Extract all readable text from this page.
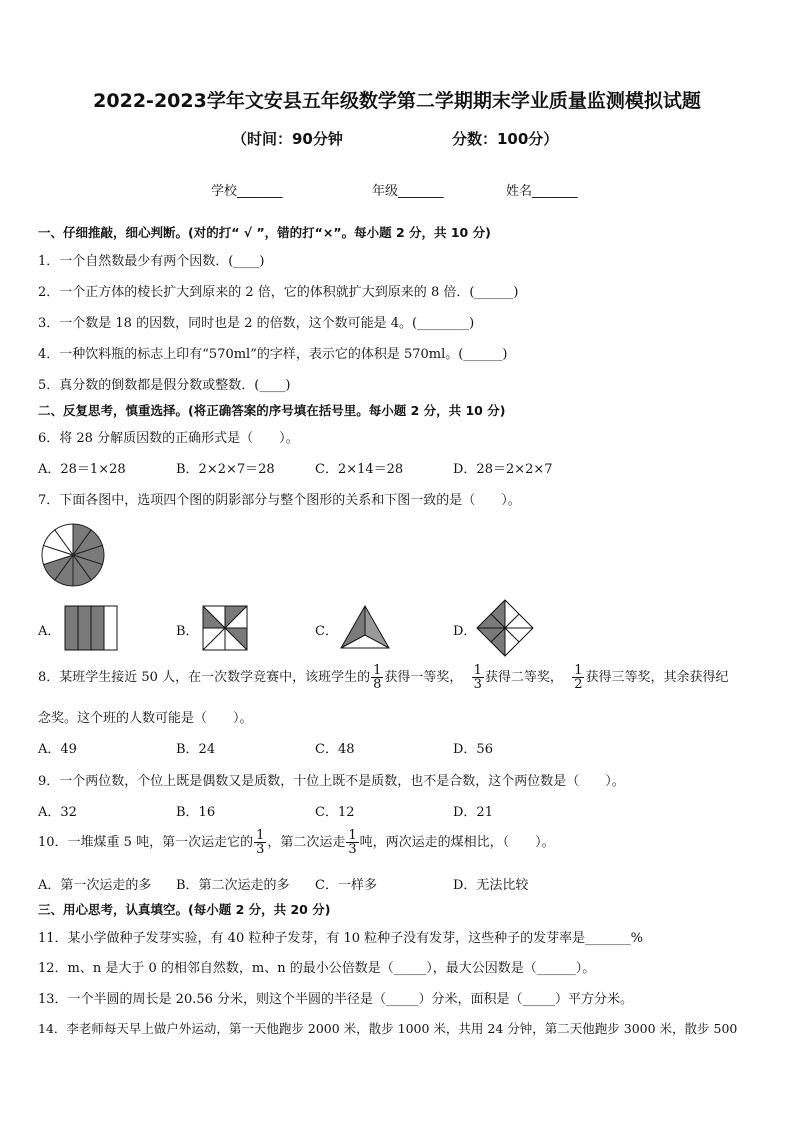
2022-2023学年文安县五年级数学第二学期期末学业质量监测模拟试题
（时间：90分钟	分数：100分）
学校_______	年级_______	姓名_______
一、仔细推敲，细心判断。(对的打“ √ ”，错的打“×”。每小题 2 分，共 10 分)
1．一个自然数最少有两个因数．(____)
2．一个正方体的棱长扩大到原来的 2 倍，它的体积就扩大到原来的 8 倍．(______)
3．一个数是 18 的因数，同时也是 2 的倍数，这个数可能是 4。(________)
4．一种饮料瓶的标志上印有“570ml”的字样，表示它的体积是 570ml。(______)
5．真分数的倒数都是假分数或整数．(____)
二、反复思考，慎重选择。(将正确答案的序号填在括号里。每小题 2 分，共 10 分)
6．将 28 分解质因数的正确形式是（　　）。
A．28＝1×28	B．2×2×7＝28	C．2×14＝28	D．28＝2×2×7
7．下面各图中，选项四个图的阴影部分与整个图形的关系和下图一致的是（　　）。
A．	B．	C．	D．
8．某班学生接近 50 人，在一次数学竞赛中，该班学生的 $\frac{1}{8}$ 获得一等奖， $\frac{1}{3}$ 获得二等奖， $\frac{1}{2}$ 获得三等奖，其余获得纪
念奖。这个班的人数可能是（　　）。
A．49	B．24	C．48	D．56
9．一个两位数，个位上既是偶数又是质数，十位上既不是质数，也不是合数，这个两位数是（　　）。
A．32	B．16	C．12	D．21
10．一堆煤重 5 吨，第一次运走它的 $\frac{1}{3}$ ，第二次运走 $\frac{1}{3}$ 吨，两次运走的煤相比，（　　）。
A．第一次运走的多 B．第二次运走的多 C．一样多	D．无法比较
三、用心思考，认真填空。(每小题 2 分，共 20 分)
11．某小学做种子发芽实验，有 40 粒种子发芽，有 10 粒种子没有发芽，这些种子的发芽率是_______%
12．m、n 是大于 0 的相邻自然数，m、n 的最小公倍数是（_____），最大公因数是（______）。
13．一个半圆的周长是 20.56 分米，则这个半圆的半径是（_____）分米，面积是（_____）平方分米。
14．李老师每天早上做户外运动，第一天他跑步 2000 米，散步 1000 米，共用 24 分钟，第二天他跑步 3000 米，散步 500
